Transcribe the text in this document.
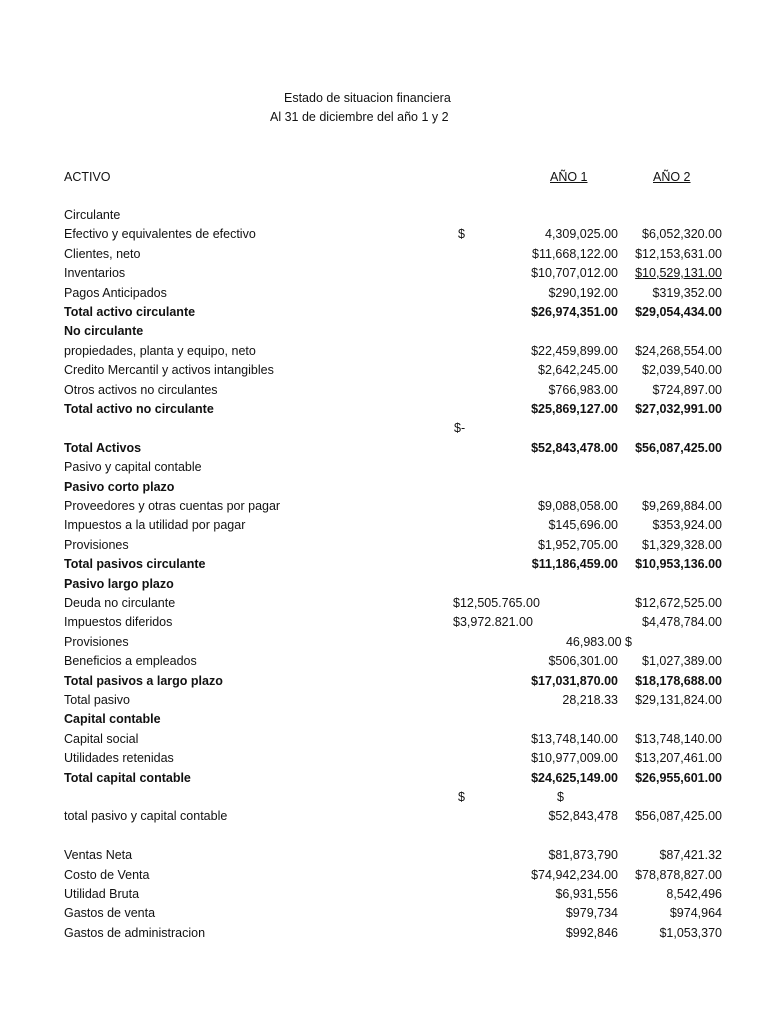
Estado de situacion financiera
Al 31 de diciembre del año 1 y 2
ACTIVO	AÑO 1	AÑO 2
Circulante
Efectivo y equivalentes de efectivo	$	4,309,025.00 $6,052,320.00
Clientes, neto	$11,668,122.00 $12,153,631.00
Inventarios	$10,707,012.00 $10,529,131.00
Pagos Anticipados	$290,192.00	$319,352.00
Total activo circulante	$26,974,351.00 $29,054,434.00
No circulante
propiedades, planta y equipo, neto	$22,459,899.00 $24,268,554.00
Credito Mercantil y activos intangibles	$2,642,245.00 $2,039,540.00
Otros activos no circulantes	$766,983.00	$724,897.00
Total activo no circulante	$25,869,127.00 $27,032,991.00
$-
Total Activos	$52,843,478.00 $56,087,425.00
Pasivo y capital contable
Pasivo corto plazo
Proveedores y otras cuentas por pagar	$9,088,058.00 $9,269,884.00
Impuestos a la utilidad por pagar	$145,696.00	$353,924.00
Provisiones	$1,952,705.00 $1,329,328.00
Total pasivos circulante	$11,186,459.00 $10,953,136.00
Pasivo largo plazo
Deuda no circulante	$12,505.765.00	$12,672,525.00
Impuestos diferidos	$3,972.821.00	$4,478,784.00
Provisiones	46,983.00 $
Beneficios a empleados	$506,301.00 $1,027,389.00
Total pasivos a largo plazo	$17,031,870.00 $18,178,688.00
Total pasivo	28,218.33 $29,131,824.00
Capital contable
Capital social	$13,748,140.00 $13,748,140.00
Utilidades retenidas	$10,977,009.00 $13,207,461.00
Total capital contable	$24,625,149.00 $26,955,601.00
$	$
total pasivo y capital contable	$52,843,478 $56,087,425.00
Ventas Neta	$81,873,790	$87,421.32
Costo de Venta	$74,942,234.00 $78,878,827.00
Utilidad Bruta	$6,931,556	8,542,496
Gastos de venta	$979,734	$974,964
Gastos de administracion	$992,846	$1,053,370
